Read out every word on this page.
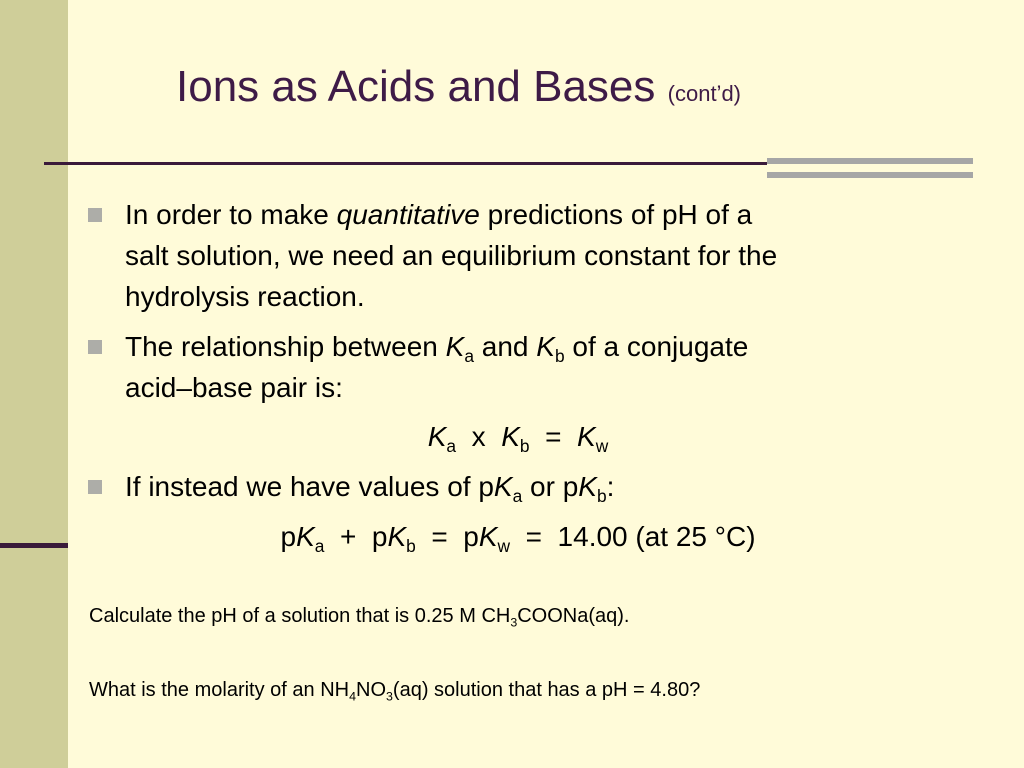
Ions as Acids and Bases (cont’d)
In order to make quantitative predictions of pH of a
salt solution, we need an equilibrium constant for the
hydrolysis reaction.
The relationship between $K_a$ and $K_b$ of a conjugate
acid–base pair is:
$K_a$  x  $K_b = K_w$
If instead we have values of $pK_a$ or $pK_b$:
$pK_a + pK_b = pK_w = 14.00$ (at 25 °C)
Calculate the pH of a solution that is 0.25 M $CH_3COONa(aq)$.
What is the molarity of an $NH_4NO_3(aq)$ solution that has a pH = 4.80?
